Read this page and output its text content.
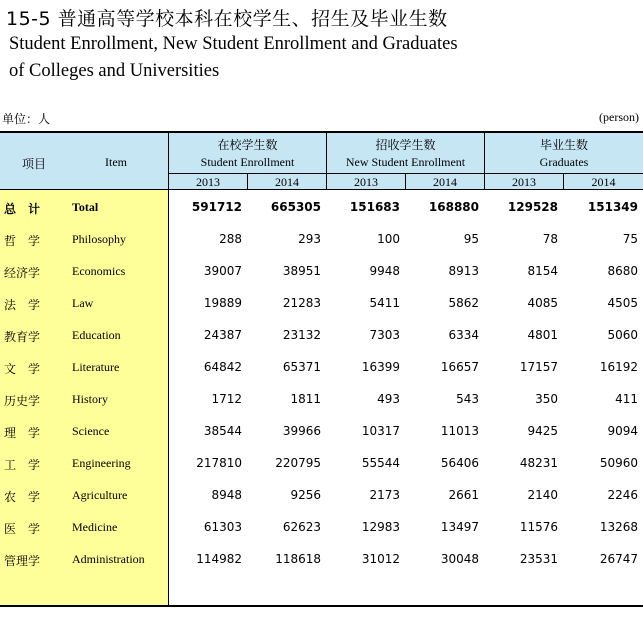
15-5 普通高等学校本科在校学生、招生及毕业生数
Student Enrollment, New Student Enrollment and Graduates
of Colleges and Universities
单位：人	(person)
项目	Item
在校学生数
Student Enrollment
招收学生数
New Student Enrollment
毕业生数
Graduates
2013	2014	2013	2014	2013	2014
总　计	Total	591712	665305	151683	168880	129528	151349
哲　学	Philosophy	288	293	100	95	78	75
经济学	Economics	39007	38951	9948	8913	8154	8680
法　学	Law	19889	21283	5411	5862	4085	4505
教育学	Education	24387	23132	7303	6334	4801	5060
文　学	Literature	64842	65371	16399	16657	17157	16192
历史学	History	1712	1811	493	543	350	411
理　学	Science	38544	39966	10317	11013	9425	9094
工　学	Engineering	217810	220795	55544	56406	48231	50960
农　学	Agriculture	8948	9256	2173	2661	2140	2246
医　学	Medicine	61303	62623	12983	13497	11576	13268
管理学	Administration	114982	118618	31012	30048	23531	26747
